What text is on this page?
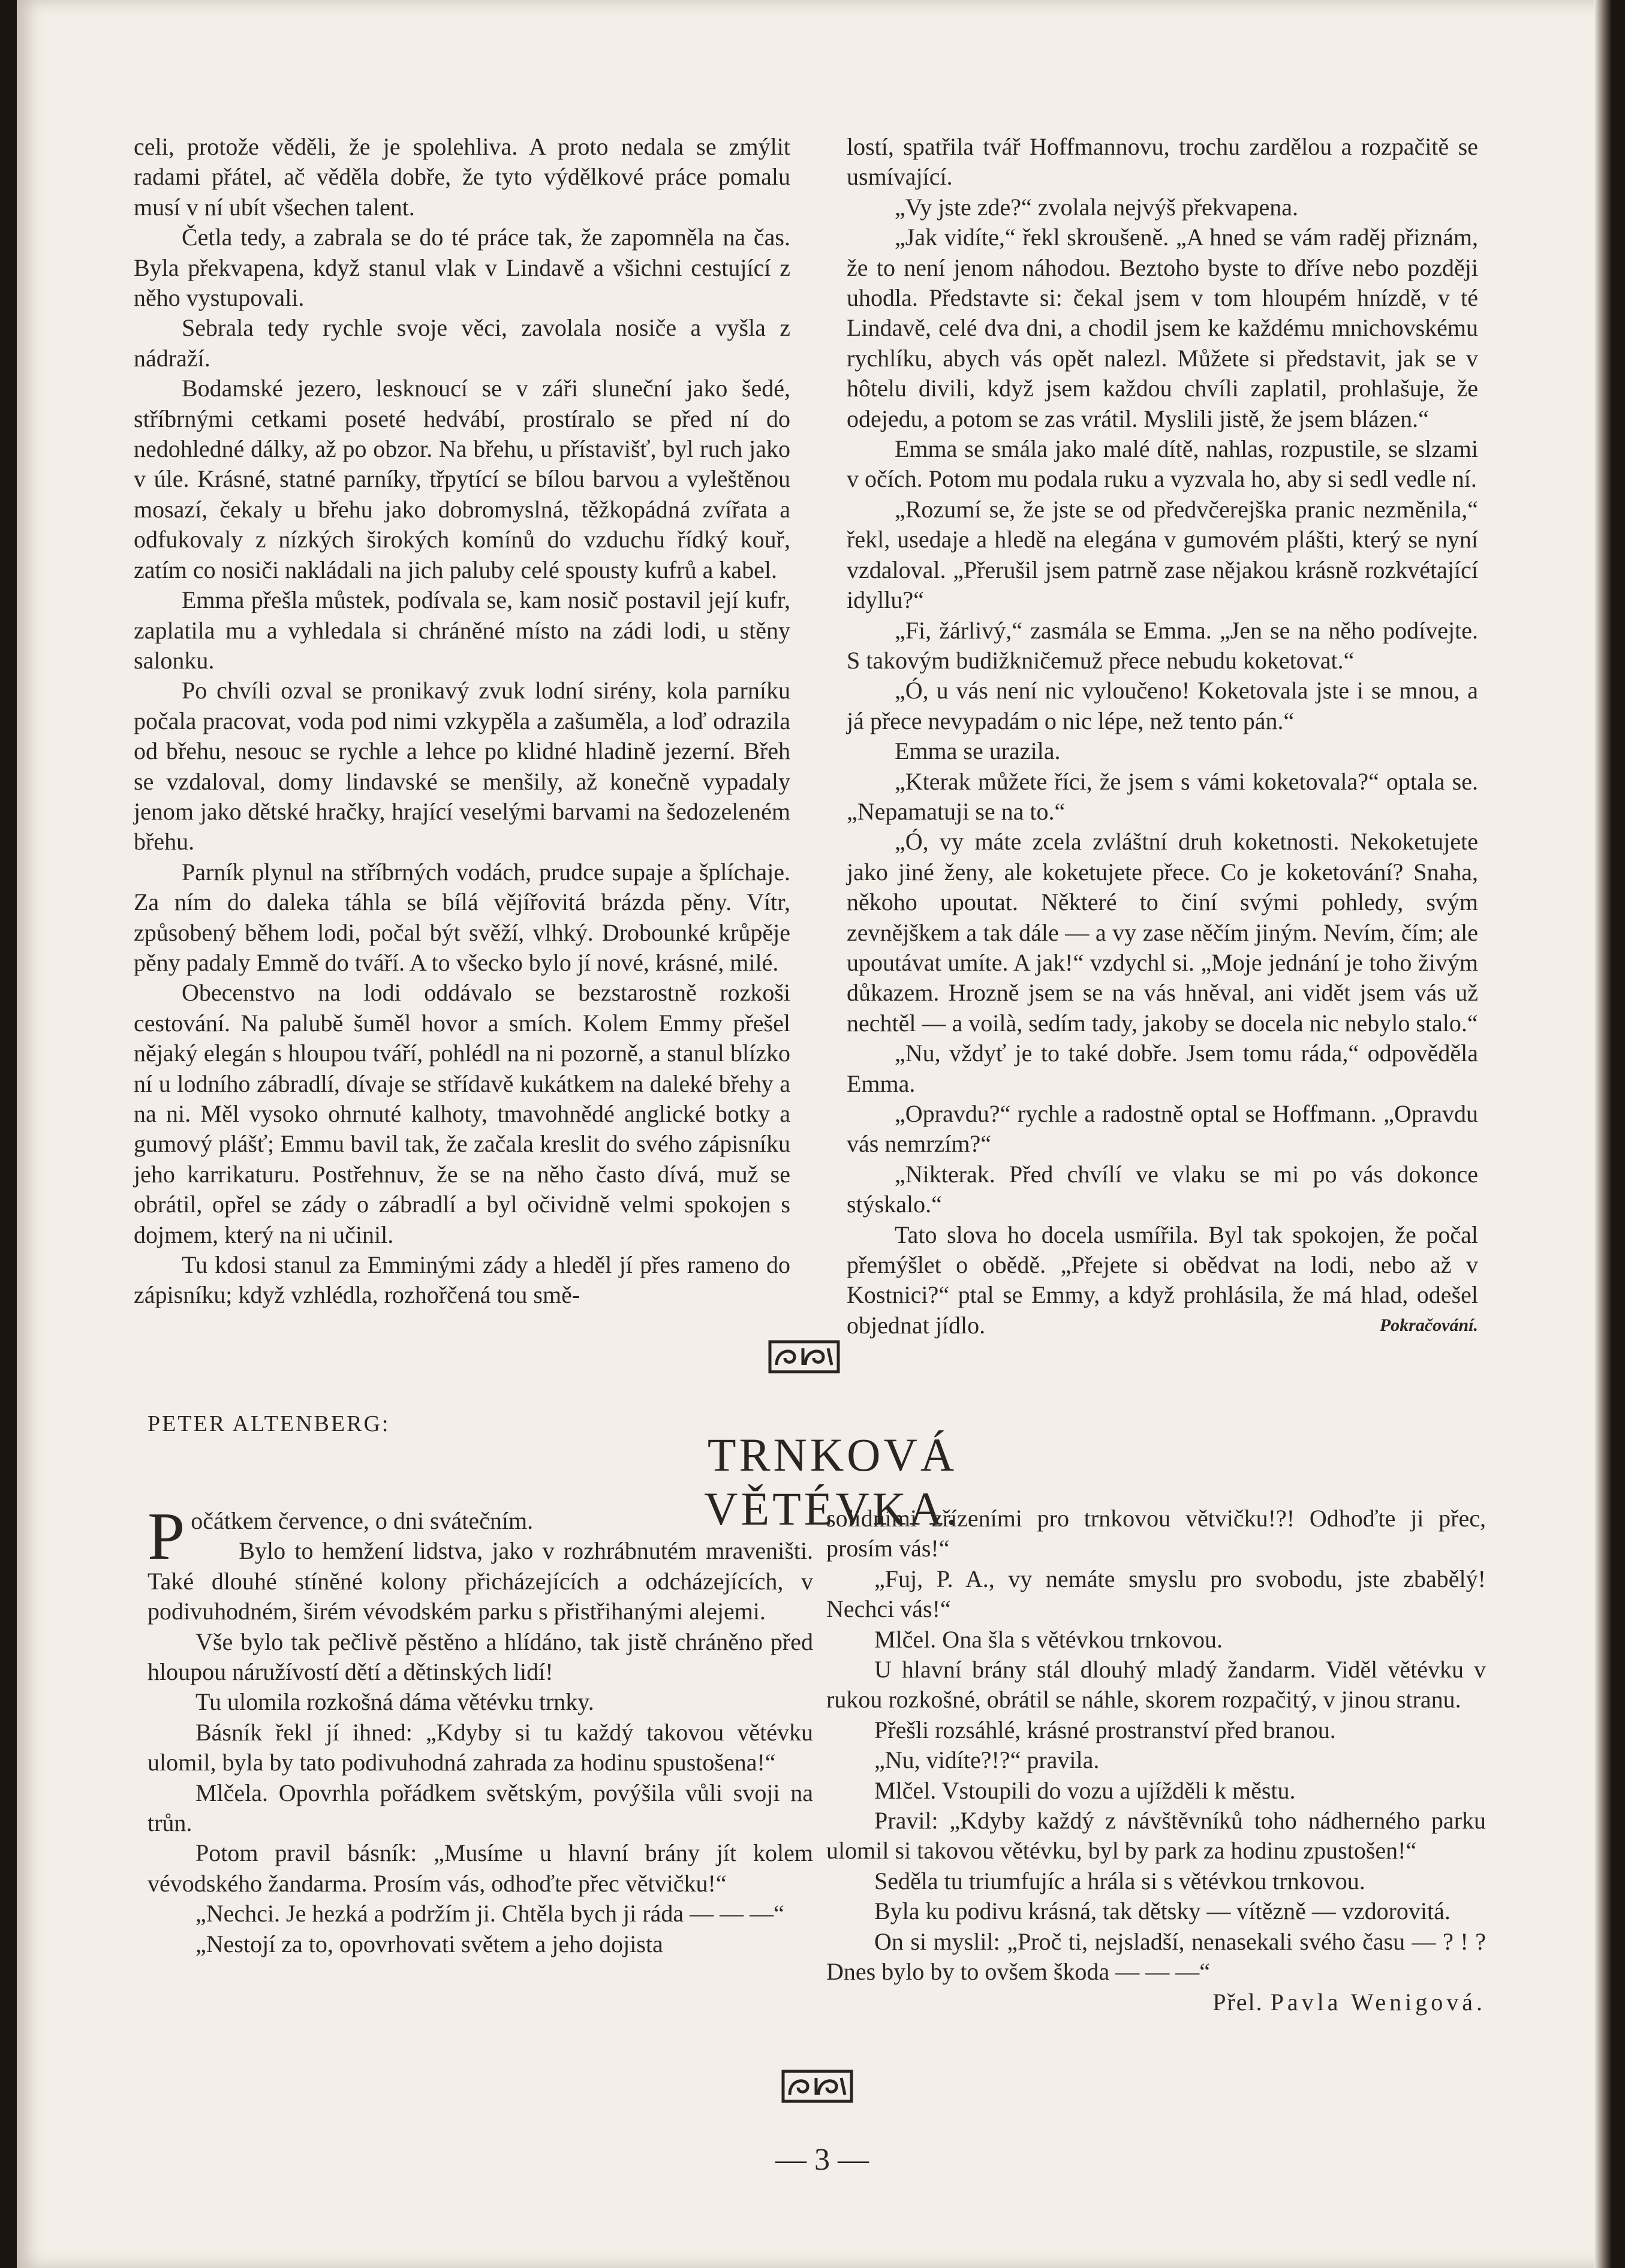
celi, protože věděli, že je spolehliva. A proto nedala se zmýlit radami přátel, ač věděla dobře, že tyto výdělkové práce pomalu musí v ní ubít všechen talent.

Četla tedy, a zabrala se do té práce tak, že zapomněla na čas. Byla překvapena, když stanul vlak v Lindavě a všichni cestující z něho vystupovali.

Sebrala tedy rychle svoje věci, zavolala nosiče a vyšla z nádraží.

Bodamské jezero, lesknoucí se v záři sluneční jako šedé, stříbrnými cetkami poseté hedvábí, prostíralo se před ní do nedohledné dálky, až po obzor. Na břehu, u přístavišť, byl ruch jako v úle. Krásné, statné parníky, třpytící se bílou barvou a vyleštěnou mosazí, čekaly u břehu jako dobromyslná, těžkopádná zvířata a odfukovaly z nízkých širokých komínů do vzduchu řídký kouř, zatím co nosiči nakládali na jich paluby celé spousty kufrů a kabel.

Emma přešla můstek, podívala se, kam nosič postavil její kufr, zaplatila mu a vyhledala si chráněné místo na zádi lodi, u stěny salonku.

Po chvíli ozval se pronikavý zvuk lodní sirény, kola parníku počala pracovat, voda pod nimi vzkypěla a zašuměla, a loď odrazila od břehu, nesouc se rychle a lehce po klidné hladině jezerní. Břeh se vzdaloval, domy lindavské se menšily, až konečně vypadaly jenom jako dětské hračky, hrající veselými barvami na šedozeleném břehu.

Parník plynul na stříbrných vodách, prudce supaje a šplíchaje. Za ním do daleka táhla se bílá vějířovitá brázda pěny. Vítr, způsobený během lodi, počal být svěží, vlhký. Drobounké krůpěje pěny padaly Emmě do tváří. A to všecko bylo jí nové, krásné, milé.

Obecenstvo na lodi oddávalo se bezstarostně rozkoši cestování. Na palubě šuměl hovor a smích. Kolem Emmy přešel nějaký elegán s hloupou tváří, pohlédl na ni pozorně, a stanul blízko ní u lodního zábradlí, dívaje se střídavě kukátkem na daleké břehy a na ni. Měl vysoko ohrnuté kalhoty, tmavohnědé anglické botky a gumový plášť; Emmu bavil tak, že začala kreslit do svého zápisníku jeho karrikaturu. Postřehnuv, že se na něho často dívá, muž se obrátil, opřel se zády o zábradlí a byl očividně velmi spokojen s dojmem, který na ni učinil.

Tu kdosi stanul za Emminými zády a hleděl jí přes rameno do zápisníku; když vzhlédla, rozhořčená tou smě-

lostí, spatřila tvář Hoffmannovu, trochu zardělou a rozpačitě se usmívající.

„Vy jste zde?“ zvolala nejvýš překvapena.

„Jak vidíte,“ řekl skroušeně. „A hned se vám raděj přiznám, že to není jenom náhodou. Beztoho byste to dříve nebo později uhodla. Představte si: čekal jsem v tom hloupém hnízdě, v té Lindavě, celé dva dni, a chodil jsem ke každému mnichovskému rychlíku, abych vás opět nalezl. Můžete si představit, jak se v hôtelu divili, když jsem každou chvíli zaplatil, prohlašuje, že odejedu, a potom se zas vrátil. Myslili jistě, že jsem blázen.“

Emma se smála jako malé dítě, nahlas, rozpustile, se slzami v očích. Potom mu podala ruku a vyzvala ho, aby si sedl vedle ní.

„Rozumí se, že jste se od předvčerejška pranic nezměnila,“ řekl, usedaje a hledě na elegána v gumovém plášti, který se nyní vzdaloval. „Přerušil jsem patrně zase nějakou krásně rozkvétající idyllu?“

„Fi, žárlivý,“ zasmála se Emma. „Jen se na něho podívejte. S takovým budižkničemuž přece nebudu koketovat.“

„Ó, u vás není nic vyloučeno! Koketovala jste i se mnou, a já přece nevypadám o nic lépe, než tento pán.“

Emma se urazila.

„Kterak můžete říci, že jsem s vámi koketovala?“ optala se. „Nepamatuji se na to.“

„Ó, vy máte zcela zvláštní druh koketnosti. Nekoketujete jako jiné ženy, ale koketujete přece. Co je koketování? Snaha, někoho upoutat. Některé to činí svými pohledy, svým zevnějškem a tak dále — a vy zase něčím jiným. Nevím, čím; ale upoutávat umíte. A jak!“ vzdychl si. „Moje jednání je toho živým důkazem. Hrozně jsem se na vás hněval, ani vidět jsem vás už nechtěl — a voilà, sedím tady, jakoby se docela nic nebylo stalo.“

„Nu, vždyť je to také dobře. Jsem tomu ráda,“ odpověděla Emma.

„Opravdu?“ rychle a radostně optal se Hoffmann. „Opravdu vás nemrzím?“

„Nikterak. Před chvílí ve vlaku se mi po vás dokonce stýskalo.“

Tato slova ho docela usmířila. Byl tak spokojen, že počal přemýšlet o obědě. „Přejete si obědvat na lodi, nebo až v Kostnici?“ ptal se Emmy, a když prohlásila, že má hlad, odešel objednat jídlo.	Pokračování.

PETER ALTENBERG:
TRNKOVÁ VĚTÉVKA.

Počátkem července, o dni svátečním.

Bylo to hemžení lidstva, jako v rozhrábnutém mraveništi. Také dlouhé stíněné kolony přicházejících a odcházejících, v podivuhodném, širém vévodském parku s přistřihanými alejemi.

Vše bylo tak pečlivě pěstěno a hlídáno, tak jistě chráněno před hloupou náružívostí dětí a dětinských lidí!

Tu ulomila rozkošná dáma větévku trnky.

Básník řekl jí ihned: „Kdyby si tu každý takovou větévku ulomil, byla by tato podivuhodná zahrada za hodinu spustošena!“

Mlčela. Opovrhla pořádkem světským, povýšila vůli svoji na trůn.

Potom pravil básník: „Musíme u hlavní brány jít kolem vévodského žandarma. Prosím vás, odhoďte přec větvičku!“

„Nechci. Je hezká a podržím ji. Chtěla bych ji ráda — — —“

„Nestojí za to, opovrhovati světem a jeho dojista

solidními zřízeními pro trnkovou větvičku!?! Odhoďte ji přec, prosím vás!“

„Fuj, P. A., vy nemáte smyslu pro svobodu, jste zbabělý! Nechci vás!“

Mlčel. Ona šla s větévkou trnkovou.

U hlavní brány stál dlouhý mladý žandarm. Viděl větévku v rukou rozkošné, obrátil se náhle, skorem rozpačitý, v jinou stranu.

Přešli rozsáhlé, krásné prostranství před branou.

„Nu, vidíte?!?“ pravila.

Mlčel. Vstoupili do vozu a ujížděli k městu.

Pravil: „Kdyby každý z návštěvníků toho nádherného parku ulomil si takovou větévku, byl by park za hodinu zpustošen!“

Seděla tu triumfujíc a hrála si s větévkou trnkovou.

Byla ku podivu krásná, tak dětsky — vítězně — vzdorovitá.

On si myslil: „Proč ti, nejsladší, nenasekali svého času — ? ! ? Dnes bylo by to ovšem škoda — — —“

Přel. Pavla Wenigová.

— 3 —
